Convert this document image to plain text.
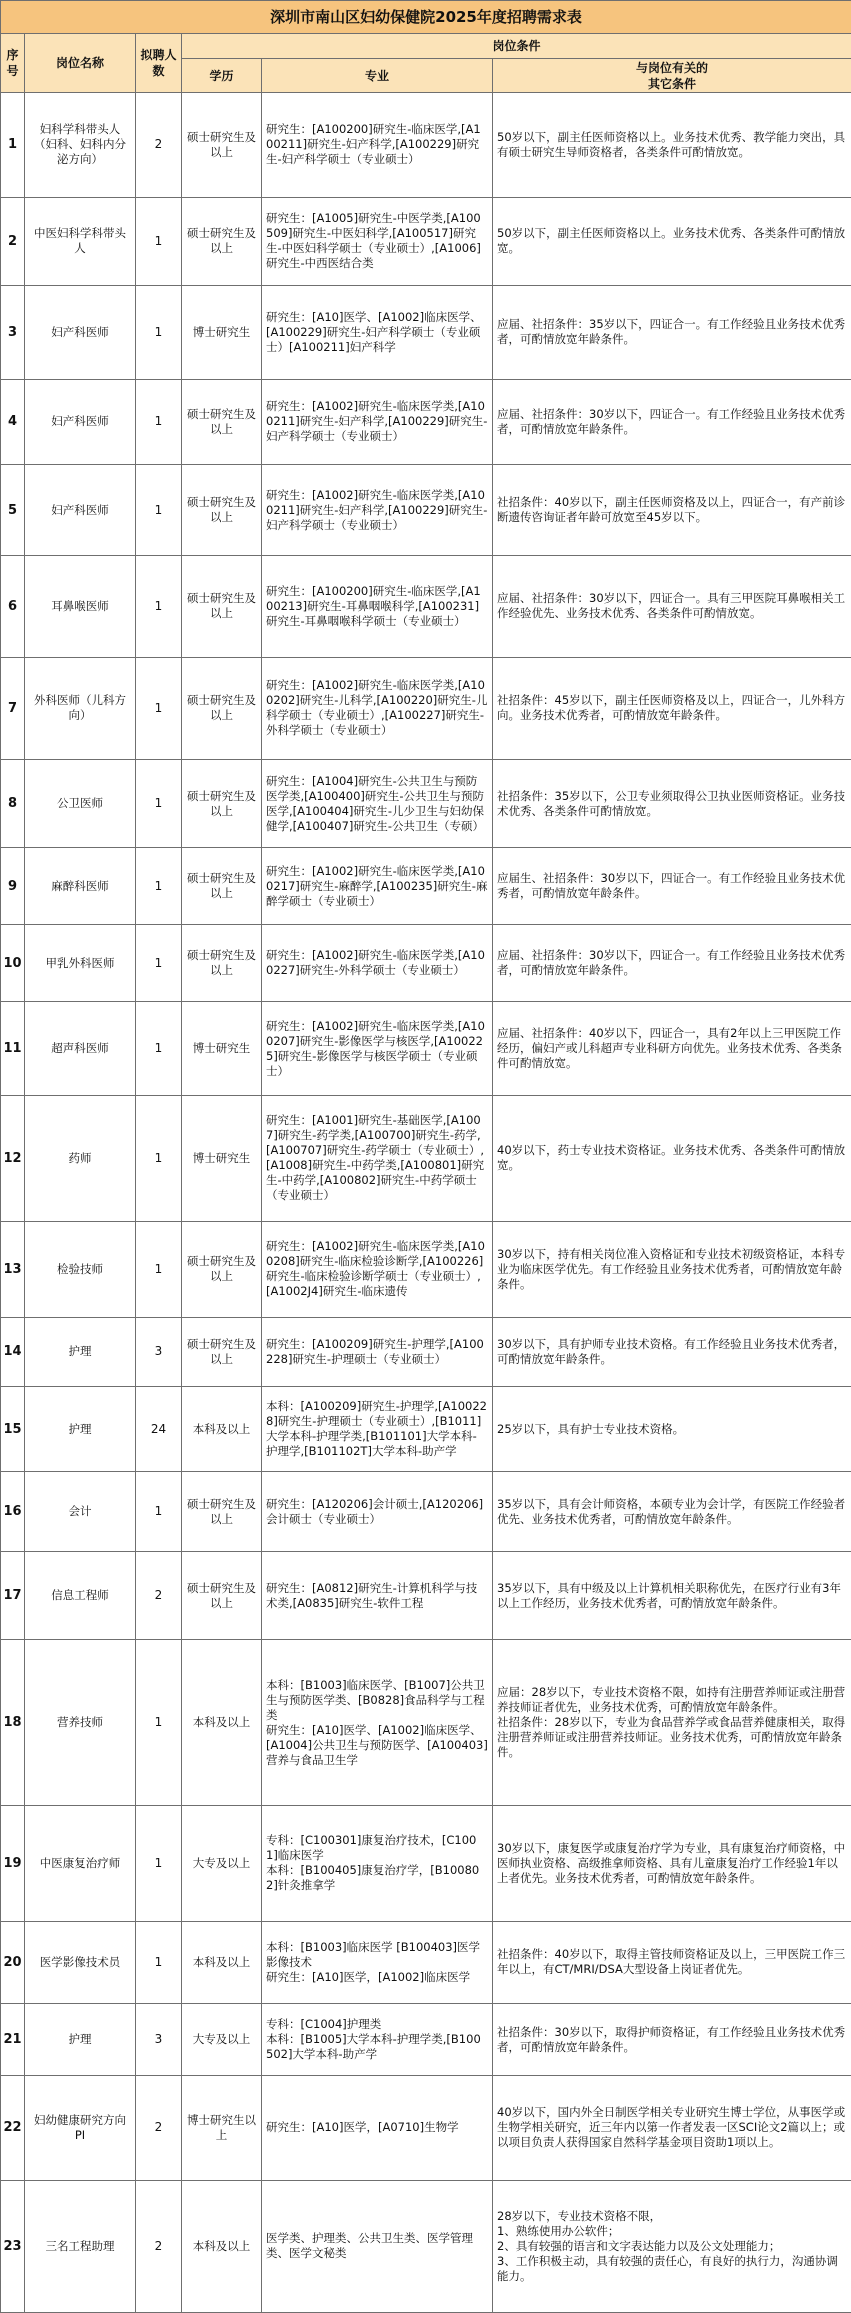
深圳市南山区妇幼保健院2025年度招聘需求表					
序号	岗位名称	拟聘人数	岗位条件		
			学历	专业	与岗位有关的
其它条件
1	妇科学科带头人（妇科、妇科内分泌方向）	2	硕士研究生及以上	研究生：[A100200]研究生-临床医学,[A100211]研究生-妇产科学,[A100229]研究生-妇产科学硕士（专业硕士）	50岁以下，副主任医师资格以上。业务技术优秀、教学能力突出，具有硕士研究生导师资格者，各类条件可酌情放宽。
2	中医妇科学科带头人	1	硕士研究生及以上	研究生：[A1005]研究生-中医学类,[A100509]研究生-中医妇科学,[A100517]研究生-中医妇科学硕士（专业硕士）,[A1006]研究生-中西医结合类	50岁以下，副主任医师资格以上。业务技术优秀、各类条件可酌情放宽。
3	妇产科医师	1	博士研究生	研究生：[A10]医学、[A1002]临床医学、[A100229]研究生-妇产科学硕士（专业硕士）[A100211]妇产科学	应届、社招条件：35岁以下，四证合一。有工作经验且业务技术优秀者，可酌情放宽年龄条件。
4	妇产科医师	1	硕士研究生及以上	研究生：[A1002]研究生-临床医学类,[A100211]研究生-妇产科学,[A100229]研究生-妇产科学硕士（专业硕士）	应届、社招条件：30岁以下，四证合一。有工作经验且业务技术优秀者，可酌情放宽年龄条件。
5	妇产科医师	1	硕士研究生及以上	研究生：[A1002]研究生-临床医学类,[A100211]研究生-妇产科学,[A100229]研究生-妇产科学硕士（专业硕士）	社招条件：40岁以下，副主任医师资格及以上，四证合一，有产前诊断遗传咨询证者年龄可放宽至45岁以下。
6	耳鼻喉医师	1	硕士研究生及以上	研究生：[A100200]研究生-临床医学,[A100213]研究生-耳鼻咽喉科学,[A100231]研究生-耳鼻咽喉科学硕士（专业硕士）	应届、社招条件：30岁以下，四证合一。具有三甲医院耳鼻喉相关工作经验优先、业务技术优秀、各类条件可酌情放宽。
7	外科医师（儿科方向）	1	硕士研究生及以上	研究生：[A1002]研究生-临床医学类,[A100202]研究生-儿科学,[A100220]研究生-儿科学硕士（专业硕士）,[A100227]研究生-外科学硕士（专业硕士）	社招条件：45岁以下，副主任医师资格及以上，四证合一，儿外科方向。业务技术优秀者，可酌情放宽年龄条件。
8	公卫医师	1	硕士研究生及以上	研究生：[A1004]研究生-公共卫生与预防医学类,[A100400]研究生-公共卫生与预防医学,[A100404]研究生-儿少卫生与妇幼保健学,[A100407]研究生-公共卫生（专硕）	社招条件：35岁以下，公卫专业须取得公卫执业医师资格证。业务技术优秀、各类条件可酌情放宽。
9	麻醉科医师	1	硕士研究生及以上	研究生：[A1002]研究生-临床医学类,[A100217]研究生-麻醉学,[A100235]研究生-麻醉学硕士（专业硕士）	应届生、社招条件：30岁以下，四证合一。有工作经验且业务技术优秀者，可酌情放宽年龄条件。
10	甲乳外科医师	1	硕士研究生及以上	研究生：[A1002]研究生-临床医学类,[A100227]研究生-外科学硕士（专业硕士）	应届、社招条件：30岁以下，四证合一。有工作经验且业务技术优秀者，可酌情放宽年龄条件。
11	超声科医师	1	博士研究生	研究生：[A1002]研究生-临床医学类,[A100207]研究生-影像医学与核医学,[A100225]研究生-影像医学与核医学硕士（专业硕士）	应届、社招条件：40岁以下，四证合一，具有2年以上三甲医院工作经历，偏妇产或儿科超声专业科研方向优先。业务技术优秀、各类条件可酌情放宽。
12	药师	1	博士研究生	研究生：[A1001]研究生-基础医学,[A1007]研究生-药学类,[A100700]研究生-药学,[A100707]研究生-药学硕士（专业硕士）,[A1008]研究生-中药学类,[A100801]研究生-中药学,[A100802]研究生-中药学硕士（专业硕士）	40岁以下，药士专业技术资格证。业务技术优秀、各类条件可酌情放宽。
13	检验技师	1	硕士研究生及以上	研究生：[A1002]研究生-临床医学类,[A100208]研究生-临床检验诊断学,[A100226]研究生-临床检验诊断学硕士（专业硕士）,[A1002J4]研究生-临床遗传	30岁以下，持有相关岗位准入资格证和专业技术初级资格证，本科专业为临床医学优先。有工作经验且业务技术优秀者，可酌情放宽年龄条件。
14	护理	3	硕士研究生及以上	研究生：[A100209]研究生-护理学,[A100228]研究生-护理硕士（专业硕士）	30岁以下，具有护师专业技术资格。有工作经验且业务技术优秀者，可酌情放宽年龄条件。
15	护理	24	本科及以上	本科：[A100209]研究生-护理学,[A100228]研究生-护理硕士（专业硕士）,[B1011]大学本科-护理学类,[B101101]大学本科-护理学,[B101102T]大学本科-助产学	25岁以下，具有护士专业技术资格。
16	会计	1	硕士研究生及以上	研究生：[A120206]会计硕士,[A120206]会计硕士（专业硕士）	35岁以下，具有会计师资格，本硕专业为会计学，有医院工作经验者优先、业务技术优秀者，可酌情放宽年龄条件。
17	信息工程师	2	硕士研究生及以上	研究生：[A0812]研究生-计算机科学与技术类,[A0835]研究生-软件工程	35岁以下，具有中级及以上计算机相关职称优先，在医疗行业有3年以上工作经历，业务技术优秀者，可酌情放宽年龄条件。
18	营养技师	1	本科及以上	本科：[B1003]临床医学、[B1007]公共卫生与预防医学类、[B0828]食品科学与工程类
研究生：[A10]医学、[A1002]临床医学、[A1004]公共卫生与预防医学、[A100403]营养与食品卫生学	应届：28岁以下，专业技术资格不限，如持有注册营养师证或注册营养技师证者优先，业务技术优秀，可酌情放宽年龄条件。
社招条件：28岁以下，专业为食品营养学或食品营养健康相关，取得注册营养师证或注册营养技师证。业务技术优秀，可酌情放宽年龄条件。
19	中医康复治疗师	1	大专及以上	专科：[C100301]康复治疗技术，[C1001]临床医学
本科：[B100405]康复治疗学，[B100802]针灸推拿学	30岁以下，康复医学或康复治疗学为专业，具有康复治疗师资格，中医师执业资格、高级推拿师资格、具有儿童康复治疗工作经验1年以上者优先。业务技术优秀者，可酌情放宽年龄条件。
20	医学影像技术员	1	本科及以上	本科：[B1003]临床医学 [B100403]医学影像技术
研究生：[A10]医学，[A1002]临床医学	社招条件：40岁以下，取得主管技师资格证及以上，三甲医院工作三年以上，有CT/MRI/DSA大型设备上岗证者优先。
21	护理	3	大专及以上	专科：[C1004]护理类
本科：[B1005]大学本科-护理学类,[B100502]大学本科-助产学	社招条件：30岁以下，取得护师资格证，有工作经验且业务技术优秀者，可酌情放宽年龄条件。
22	妇幼健康研究方向 PI	2	博士研究生以上	研究生：[A10]医学，[A0710]生物学	40岁以下，国内外全日制医学相关专业研究生博士学位，从事医学或生物学相关研究，近三年内以第一作者发表一区SCI论文2篇以上；或以项目负责人获得国家自然科学基金项目资助1项以上。
23	三名工程助理	2	本科及以上	医学类、护理类、公共卫生类、医学管理类、医学文秘类	28岁以下，专业技术资格不限，
1、熟练使用办公软件；
2、具有较强的语言和文字表达能力以及公文处理能力；
3、工作积极主动，具有较强的责任心，有良好的执行力，沟通协调能力。
